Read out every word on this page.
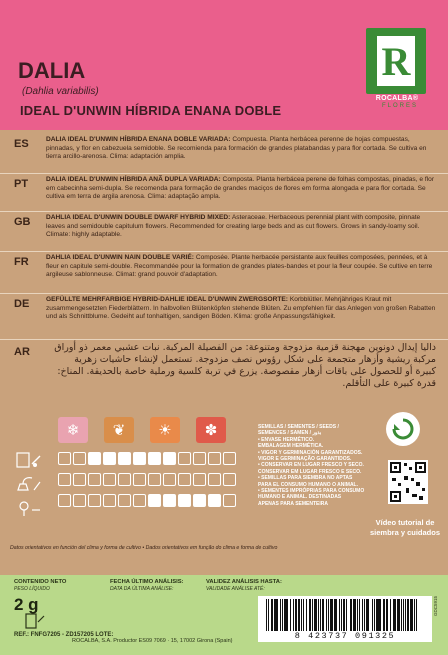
DALIA
(Dahlia variabilis)
IDEAL D'UNWIN HÍBRIDA ENANA DOBLE
R
ROCALBA®
FLORES
ES	DALIA IDEAL D'UNWIN HÍBRIDA ENANA DOBLE VARIADA: Compuesta. Planta herbácea perenne de hojas compuestas, pinnadas, y flor en cabezuela semidoble. Se recomienda para formación de grandes platabandas y para flor cortada. Se cultiva en tierra arcillo-arenosa. Clima: adaptación amplia.
PT	DALIA IDEAL D'UNWIN HÍBRIDA ANÃ DUPLA VARIADA: Composta. Planta herbácea perene de folhas compostas, pinadas, e flor em cabecinha semi-dupla. Se recomenda para formação de grandes maciços de flores em forma alongada e para flor cortada. Se cultiva em terra de argila arenosa. Clima: adaptação ampla.
GB DAHLIA IDEAL D'UNWIN DOUBLE DWARF HYBRID MIXED: Asteraceae. Herbaceous perennial plant with composite, pinnate leaves and semidouble capitulum flowers. Recommended for creating large beds and as cut flowers. Grows in sandy-loamy soil. Climate: highly adaptable.
FR	DAHLIA IDEAL D'UNWIN NAIN DOUBLE VARIÉ: Composée. Plante herbacée persistante aux feuilles composées, pennées, et à fleur en capitule semi-double. Recommandée pour la formation de grandes plates-bandes et pour la fleur coupée. Se cultive en terre argileuse sablonneuse. Climat: grand pouvoir d'adaptation.
DE	GEFÜLLTE MEHRFARBIGE HYBRID-DAHLIE IDEAL D'UNWIN ZWERGSORTE: Korbblütler. Mehrjähriges Kraut mit zusammengesetzten Fiederblättern. In halbvollen Blütenköpfen stehende Blüten. Zu empfehlen für das Anlegen von großen Rabatten und als Schnittblume. Gedeiht auf tonhaltigen, sandigen Böden. Klima: große Anpassungsfähigkeit.
AR	داليا إيدال دونوين مهجنة قزمية مزدوجة ومتنوعة: من الفصيلة المركبة. نبات عشبي معمر ذو أوراق مركبة ريشية وأزهار متجمعة على شكل رؤوس نصف مزدوجة. تستعمل لإنشاء حاشيات زهرية كبيرة أو للحصول على باقات أزهار مقصوصة. يزرع في تربة كلسية ورملية خاصة بالحديقة. المناخ: قدرة كبيرة على التأقلم.
❄ ❦ ☀ ✽	SEMILLAS / SEMENTES / SEEDS /
SEMENCES / SAMEN / بذور
• ENVASE HERMÉTICO.
EMBALAGEM HERMÉTICA.
• VIGOR Y GERMINACIÓN GARANTIZADOS.
VIGOR E GERMINAÇÃO GARANTIDOS.
• CONSERVAR EN LUGAR FRESCO Y SECO.
CONSERVAR EM LUGAR FRESCO E SECO.
• SEMILLAS PARA SIEMBRA NO APTAS
PARA EL CONSUMO HUMANO O ANIMAL.
• SEMENTES IMPRÓPRIAS PARA CONSUMO
HUMANO E ANIMAL. DESTINADAS
APENAS PARA SEMENTEIRA
Vídeo tutorial de
siembra y cuidados
Datos orientativos en función del clima y forma de cultivo • Dados orientativos em função do clima e forma de cultivo
CONTENIDO NETO
PESO LÍQUIDO
2 g
FECHA ÚLTIMO ANÁLISIS:
DATA DA ÚLTIMA ANÁLISE:
VALIDEZ ANÁLISIS HASTA:
VALIDADE ANÁLISE ATÉ:
REF.: FNFG7205 - ZD157205 LOTE:
ROCALBA, S.A. Productor ES09 7069 · 15, 17002 Girona (Spain)	8 423737 091325
GDC5915
